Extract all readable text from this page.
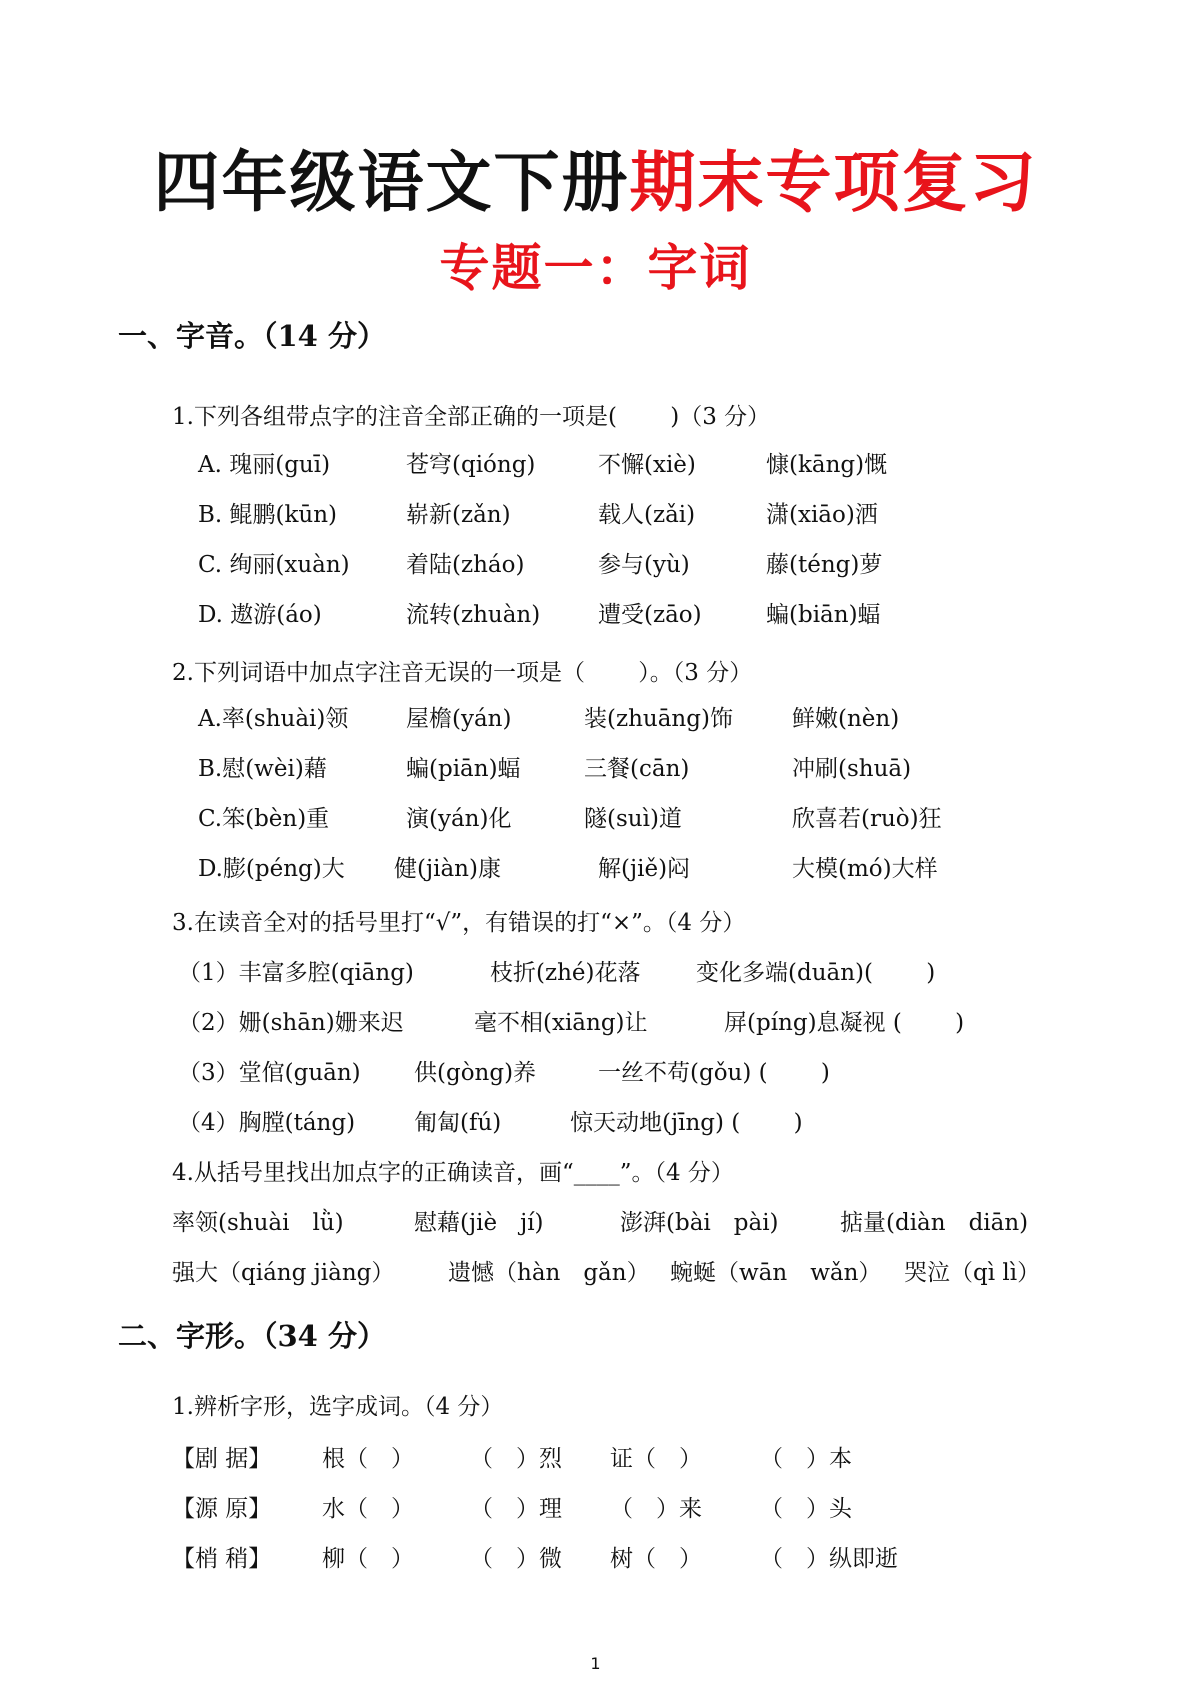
四年级语文下册期末专项复习
专题一：字词
一、字音。（14 分）
1.下列各组带点字的注音全部正确的一项是(　　 )（3 分）
A. 瑰丽(guī)	苍穹(qióng)	不懈(xiè)	慷(kāng)慨
B. 鲲鹏(kūn)	崭新(zǎn)	载人(zǎi)	潇(xiāo)洒
C. 绚丽(xuàn) 着陆(zháo)	参与(yù)	藤(téng)萝
D. 遨游(áo)	流转(zhuàn)	遭受(zāo)	蝙(biān)蝠
2.下列词语中加点字注音无误的一项是（　　 ）。（3 分）
A.率(shuài)领	屋檐(yán)	装(zhuāng)饰	鲜嫩(nèn)
B.慰(wèi)藉	蝙(piān)蝠	三餐(cān)	冲刷(shuā)
C.笨(bèn)重	演(yán)化	隧(suì)道	欣喜若(ruò)狂
D.膨(péng)大 健(jiàn)康	解(jiě)闷	大模(mó)大样
3.在读音全对的括号里打“√”，有错误的打“×”。（4 分）
（1）丰富多腔(qiāng)	枝折(zhé)花落 变化多端(duān)(　　 )
（2）姗(shān)姗来迟	毫不相(xiāng)让	屏(píng)息凝视 (　　 )
（3）堂倌(guān) 供(gòng)养	一丝不苟(gǒu) (　　 )
（4）胸膛(táng)	匍匐(fú)	惊天动地(jīng) (　　 )
4.从括号里找出加点字的正确读音，画“____”。（4 分）
率领(shuài　lǜ)	慰藉(jiè　jí)	澎湃(bài　pài)	掂量(diàn　diān)
强大（qiáng jiàng） 遗憾（hàn　gǎn） 蜿蜒（wān　wǎn） 哭泣（qì lì）
二、字形。（34 分）
1.辨析字形，选字成词。（4 分）
【剧 据】 根（　） （　）烈 证（　）	（　）本
【源 原】 水（　） （　）理 （　）来	（　）头
【梢 稍】 柳（　） （　）微 树（　）	（　）纵即逝
1
